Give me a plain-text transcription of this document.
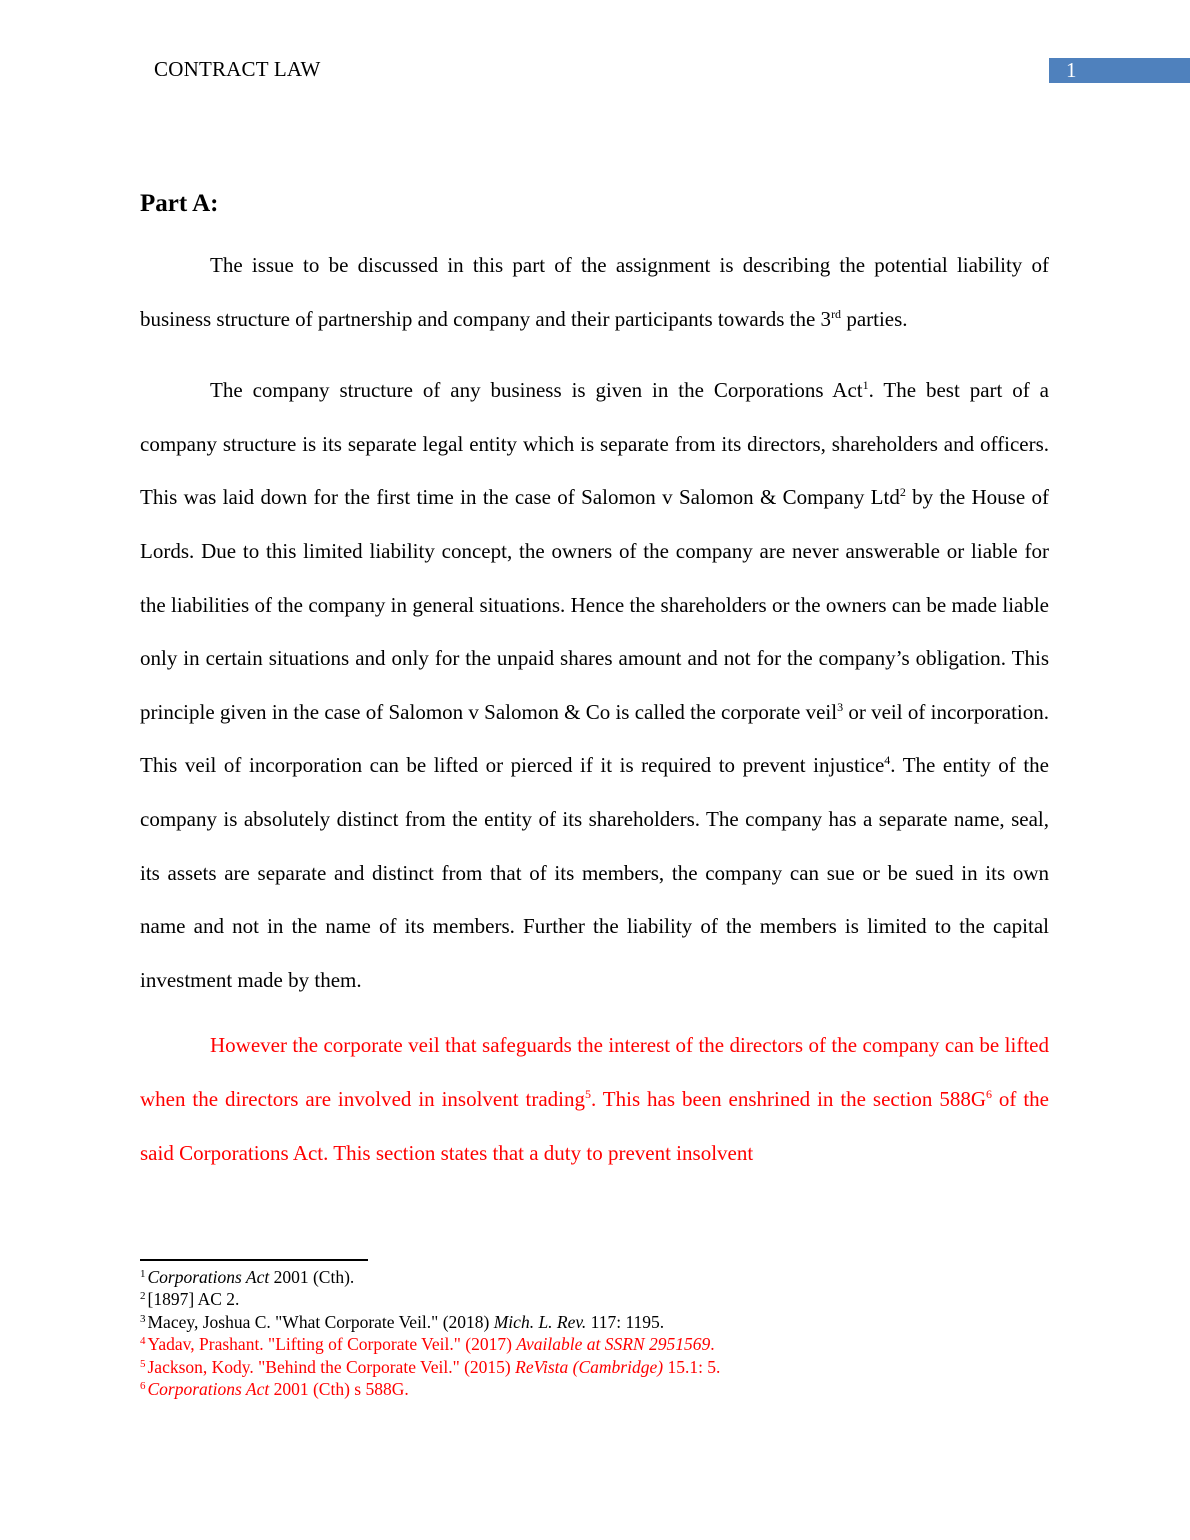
CONTRACT LAW	1
Part A:

The issue to be discussed in this part of the assignment is describing the potential liability of business structure of partnership and company and their participants towards the 3rd parties.

The company structure of any business is given in the Corporations Act$^1$. The best part of a company structure is its separate legal entity which is separate from its directors, shareholders and officers. This was laid down for the first time in the case of Salomon v Salomon & Company Ltd$^2$ by the House of Lords. Due to this limited liability concept, the owners of the company are never answerable or liable for the liabilities of the company in general situations. Hence the shareholders or the owners can be made liable only in certain situations and only for the unpaid shares amount and not for the company’s obligation. This principle given in the case of Salomon v Salomon & Co is called the corporate veil$^3$ or veil of incorporation. This veil of incorporation can be lifted or pierced if it is required to prevent injustice$^4$. The entity of the company is absolutely distinct from the entity of its shareholders. The company has a separate name, seal, its assets are separate and distinct from that of its members, the company can sue or be sued in its own name and not in the name of its members. Further the liability of the members is limited to the capital investment made by them.

However the corporate veil that safeguards the interest of the directors of the company can be lifted when the directors are involved in insolvent trading$^5$. This has been enshrined in the section $588G^6$ of the said Corporations Act. This section states that a duty to prevent insolvent

$^1$ Corporations Act 2001 (Cth).
$^2$ [1897] AC 2.
$^3$ Macey, Joshua C. "What Corporate Veil." (2018) Mich. L. Rev. 117: 1195.
$^4$ Yadav, Prashant. "Lifting of Corporate Veil." (2017) Available at SSRN 2951569.
$^5$ Jackson, Kody. "Behind the Corporate Veil." (2015) ReVista (Cambridge) 15.1: 5.
$^6$ Corporations Act 2001 (Cth) s 588G.
